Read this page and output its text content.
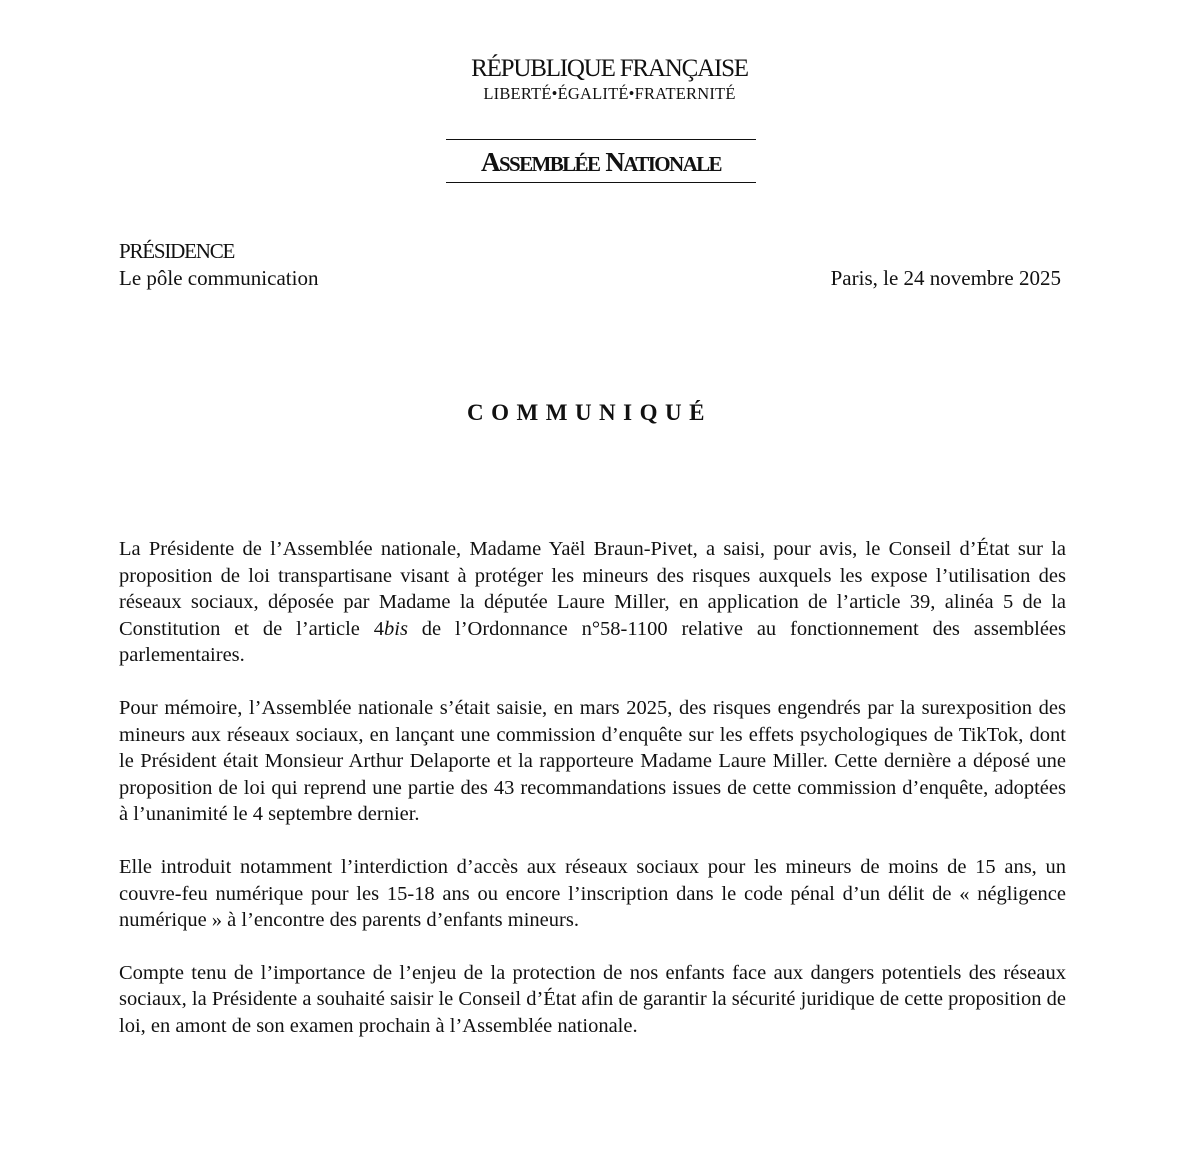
RÉPUBLIQUE FRANÇAISE
LIBERTÉ•ÉGALITÉ•FRATERNITÉ
ASSEMBLÉE NATIONALE
PRÉSIDENCE
Le pôle communication	Paris, le 24 novembre 2025
COMMUNIQUÉ

La Présidente de l’Assemblée nationale, Madame Yaël Braun-Pivet, a saisi, pour avis, le Conseil d’État sur la proposition de loi transpartisane visant à protéger les mineurs des risques auxquels les expose l’utilisation des réseaux sociaux, déposée par Madame la députée Laure Miller, en application de l’article 39, alinéa 5 de la Constitution et de l’article 4bis de l’Ordonnance n°58-1100 relative au fonctionnement des assemblées parlementaires.

Pour mémoire, l’Assemblée nationale s’était saisie, en mars 2025, des risques engendrés par la surexposition des mineurs aux réseaux sociaux, en lançant une commission d’enquête sur les effets psychologiques de TikTok, dont le Président était Monsieur Arthur Delaporte et la rapporteure Madame Laure Miller. Cette dernière a déposé une proposition de loi qui reprend une partie des 43 recommandations issues de cette commission d’enquête, adoptées à l’unanimité le 4 septembre dernier.

Elle introduit notamment l’interdiction d’accès aux réseaux sociaux pour les mineurs de moins de 15 ans, un couvre-feu numérique pour les 15-18 ans ou encore l’inscription dans le code pénal d’un délit de « négligence numérique » à l’encontre des parents d’enfants mineurs.

Compte tenu de l’importance de l’enjeu de la protection de nos enfants face aux dangers potentiels des réseaux sociaux, la Présidente a souhaité saisir le Conseil d’État afin de garantir la sécurité juridique de cette proposition de loi, en amont de son examen prochain à l’Assemblée nationale.
